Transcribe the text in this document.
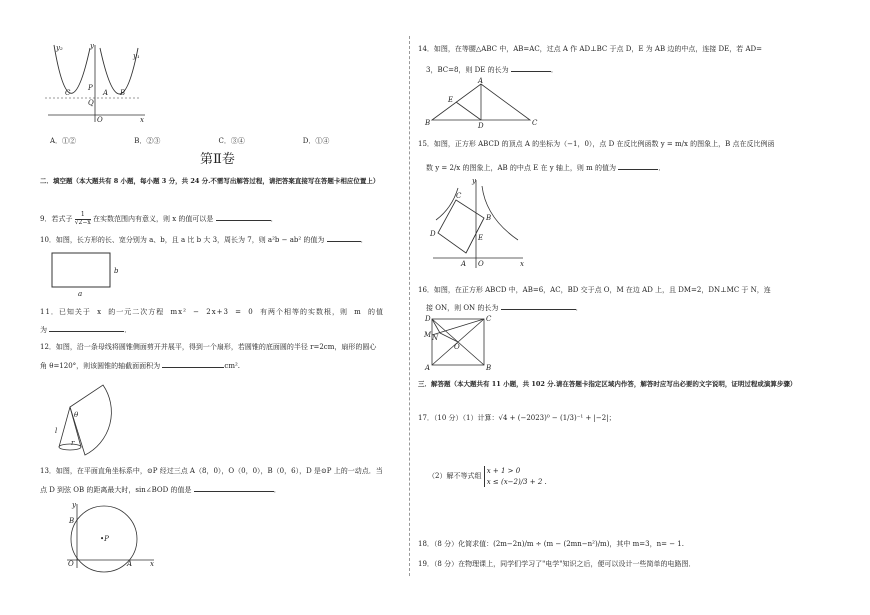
y₂	y
y₁
C
P
A B
Q
O	x
A．①②	B．②③	C．③④	D．①④
第Ⅱ卷
二．填空题（本大题共有 8 小题，每小题 3 分，共 24 分.不需写出解答过程，请把答案直接写在答题卡相应位置上）
9．若式子 $\frac{1}{√2-x}$ 在实数范围内有意义，则 x 的值可以是	．
10．如图，长方形的长、宽分别为 a、b，且 a 比 b 大 3，周长为 7，则 a²b − ab² 的值为	．
b
a
11．已知关于 x 的一元二次方程 mx² − 2x+3 = 0 有两个相等的实数根，则 m 的值
为	．
12．如图，沿一条母线将圆锥侧面剪开并展平，得到一个扇形，若圆锥的底面圆的半径 r=2cm，扇形的圆心
角 θ=120°，则该圆锥的轴截面面积为	cm².
θ
l
r
13．如图，在平面直角坐标系中，⊙P 经过三点 A（8，0），O（0，0），B（0，6），D 是⊙P 上的一动点．当
点 D 到弦 OB 的距离最大时，sin∠BOD 的值是	．
y
B
•P
O	A	x
14．如图，在等腰△ABC 中，AB=AC，过点 A 作 AD⊥BC 于点 D，E 为 AB 边的中点，连接 DE，若 AD=
3，BC=8，则 DE 的长为	．
A
E
B	D	C
15．如图，正方形 ABCD 的顶点 A 的坐标为（−1，0），点 D 在反比例函数 y = m/x 的图象上，B 点在反比例函
数 y = 2/x 的图象上，AB 的中点 E 在 y 轴上，则 m 的值为	．
y
C
D
B
E
A O	x
16．如图，在正方形 ABCD 中，AB=6，AC，BD 交于点 O，M 在边 AD 上，且 DM=2，DN⊥MC 于 N，连
接 ON，则 ON 的长为	．
D	C
M N
O
A	B
三．解答题（本大题共有 11 小题，共 102 分.请在答题卡指定区域内作答，解答时应写出必要的文字说明，证明过程或演算步骤）
17．（10 分）（1）计算：√4 + (−2023)⁰ − (1/3)⁻¹ + |−2|；
（2）解不等式组
x + 1 > 0
x ≤ (x−2)/3 + 2 .
18．（8 分）化简求值：(2m−2n)/m ÷ (m − (2mn−n²)/m)，其中 m=3，n= − 1.
19．（8 分）在物理课上，同学们学习了"电学"知识之后，便可以设计一些简单的电路图．
